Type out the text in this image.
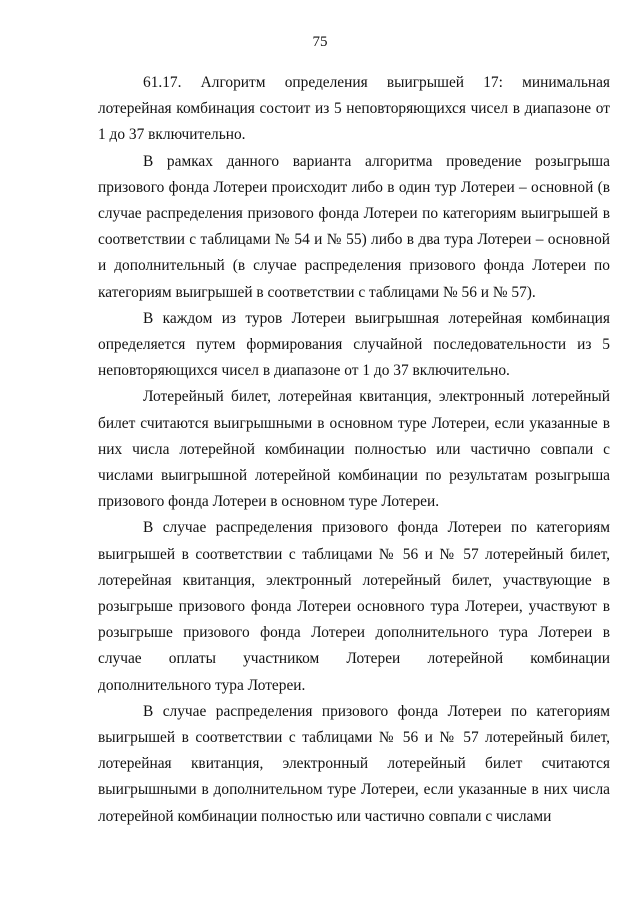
75

61.17. Алгоритм определения выигрышей 17: минимальная лотерейная комбинация состоит из 5 неповторяющихся чисел в диапазоне от 1 до 37 включительно.

В рамках данного варианта алгоритма проведение розыгрыша призового фонда Лотереи происходит либо в один тур Лотереи – основной (в случае распределения призового фонда Лотереи по категориям выигрышей в соответствии с таблицами № 54 и № 55) либо в два тура Лотереи – основной и дополнительный (в случае распределения призового фонда Лотереи по категориям выигрышей в соответствии с таблицами № 56 и № 57).

В каждом из туров Лотереи выигрышная лотерейная комбинация определяется путем формирования случайной последовательности из 5 неповторяющихся чисел в диапазоне от 1 до 37 включительно.

Лотерейный билет, лотерейная квитанция, электронный лотерейный билет считаются выигрышными в основном туре Лотереи, если указанные в них числа лотерейной комбинации полностью или частично совпали с числами выигрышной лотерейной комбинации по результатам розыгрыша призового фонда Лотереи в основном туре Лотереи.

В случае распределения призового фонда Лотереи по категориям выигрышей в соответствии с таблицами № 56 и № 57 лотерейный билет, лотерейная квитанция, электронный лотерейный билет, участвующие в розыгрыше призового фонда Лотереи основного тура Лотереи, участвуют в розыгрыше призового фонда Лотереи дополнительного тура Лотереи в случае оплаты участником Лотереи лотерейной комбинации дополнительного тура Лотереи.

В случае распределения призового фонда Лотереи по категориям выигрышей в соответствии с таблицами № 56 и № 57 лотерейный билет, лотерейная квитанция, электронный лотерейный билет считаются выигрышными в дополнительном туре Лотереи, если указанные в них числа лотерейной комбинации полностью или частично совпали с числами
